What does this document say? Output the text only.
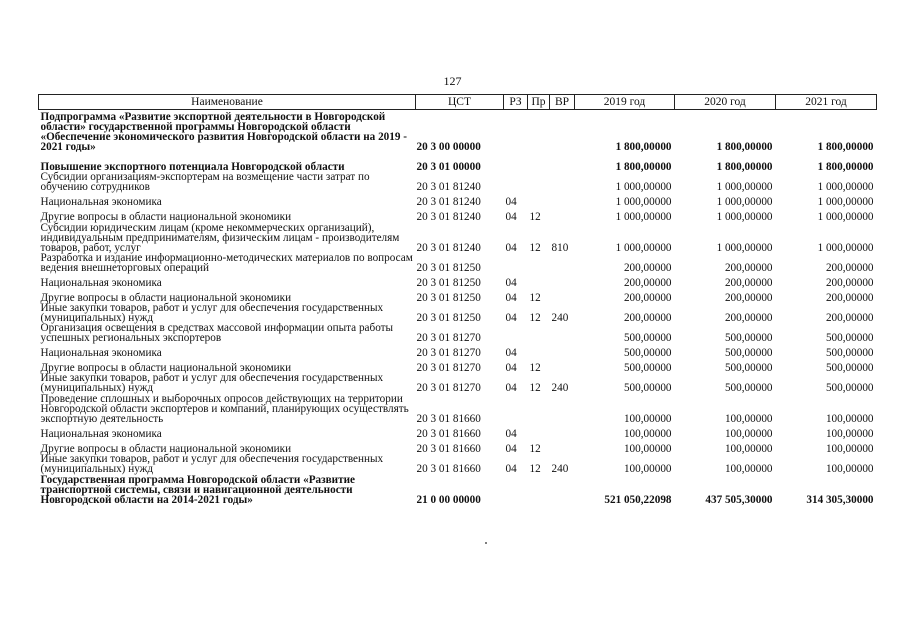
127
Наименование	ЦСТ	РЗ	Пр	ВР	2019 год	2020 год	2021 год
Подпрограмма «Развитие экспортной деятельности в Новгородской области» государственной программы Новгородской области «Обеспечение экономического развития Новгородской области на 2019 - 2021 годы»	20 3 00 00000				1 800,00000	1 800,00000	1 800,00000
Повышение экспортного потенциала Новгородской области	20 3 01 00000				1 800,00000	1 800,00000	1 800,00000
Субсидии организациям-экспортерам на возмещение части затрат по обучению сотрудников	20 3 01 81240				1 000,00000	1 000,00000	1 000,00000
Национальная экономика	20 3 01 81240	04			1 000,00000	1 000,00000	1 000,00000
Другие вопросы в области национальной экономики	20 3 01 81240	04	12		1 000,00000	1 000,00000	1 000,00000
Субсидии юридическим лицам (кроме некоммерческих организаций), индивидуальным предпринимателям, физическим лицам - производителям товаров, работ, услуг	20 3 01 81240	04	12	810	1 000,00000	1 000,00000	1 000,00000
Разработка и издание информационно-методических материалов по вопросам ведения внешнеторговых операций	20 3 01 81250				200,00000	200,00000	200,00000
Национальная экономика	20 3 01 81250	04			200,00000	200,00000	200,00000
Другие вопросы в области национальной экономики	20 3 01 81250	04	12		200,00000	200,00000	200,00000
Иные закупки товаров, работ и услуг для обеспечения государственных (муниципальных) нужд	20 3 01 81250	04	12	240	200,00000	200,00000	200,00000
Организация освещения в средствах массовой информации опыта работы успешных региональных экспортеров	20 3 01 81270				500,00000	500,00000	500,00000
Национальная экономика	20 3 01 81270	04			500,00000	500,00000	500,00000
Другие вопросы в области национальной экономики	20 3 01 81270	04	12		500,00000	500,00000	500,00000
Иные закупки товаров, работ и услуг для обеспечения государственных (муниципальных) нужд	20 3 01 81270	04	12	240	500,00000	500,00000	500,00000
Проведение сплошных и выборочных опросов действующих на территории Новгородской области экспортеров и компаний, планирующих осуществлять экспортную деятельность	20 3 01 81660				100,00000	100,00000	100,00000
Национальная экономика	20 3 01 81660	04			100,00000	100,00000	100,00000
Другие вопросы в области национальной экономики	20 3 01 81660	04	12		100,00000	100,00000	100,00000
Иные закупки товаров, работ и услуг для обеспечения государственных (муниципальных) нужд	20 3 01 81660	04	12	240	100,00000	100,00000	100,00000
Государственная программа Новгородской области «Развитие транспортной системы, связи и навигационной деятельности Новгородской области на 2014-2021 годы»	21 0 00 00000				521 050,22098	437 505,30000	314 305,30000
